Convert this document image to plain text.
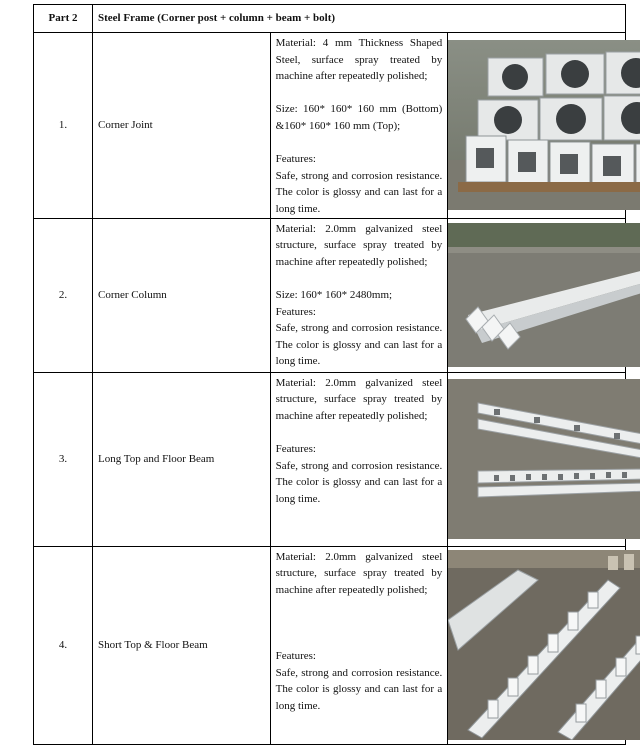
Part 2	Steel Frame (Corner post + column + beam + bolt)		
1.	Corner Joint	Material: 4 mm Thickness Shaped Steel, surface spray treated by machine after repeatedly polished;
Size: 160* 160* 160 mm (Bottom) &160* 160* 160 mm (Top);
Features:
Safe, strong and corrosion resistance. The color is glossy and can last for a long time.

2.	Corner Column	Material: 2.0mm galvanized steel structure, surface spray treated by machine after repeatedly polished;
Size: 160* 160* 2480mm;
Features:
Safe, strong and corrosion resistance. The color is glossy and can last for a long time.

3.	Long Top and Floor Beam	Material: 2.0mm galvanized steel structure, surface spray treated by machine after repeatedly polished;
Features:
Safe, strong and corrosion resistance. The color is glossy and can last for a long time.

4.	Short Top & Floor Beam	Material: 2.0mm galvanized steel structure, surface spray treated by machine after repeatedly polished;
Features:
Safe, strong and corrosion resistance. The color is glossy and can last for a long time.
